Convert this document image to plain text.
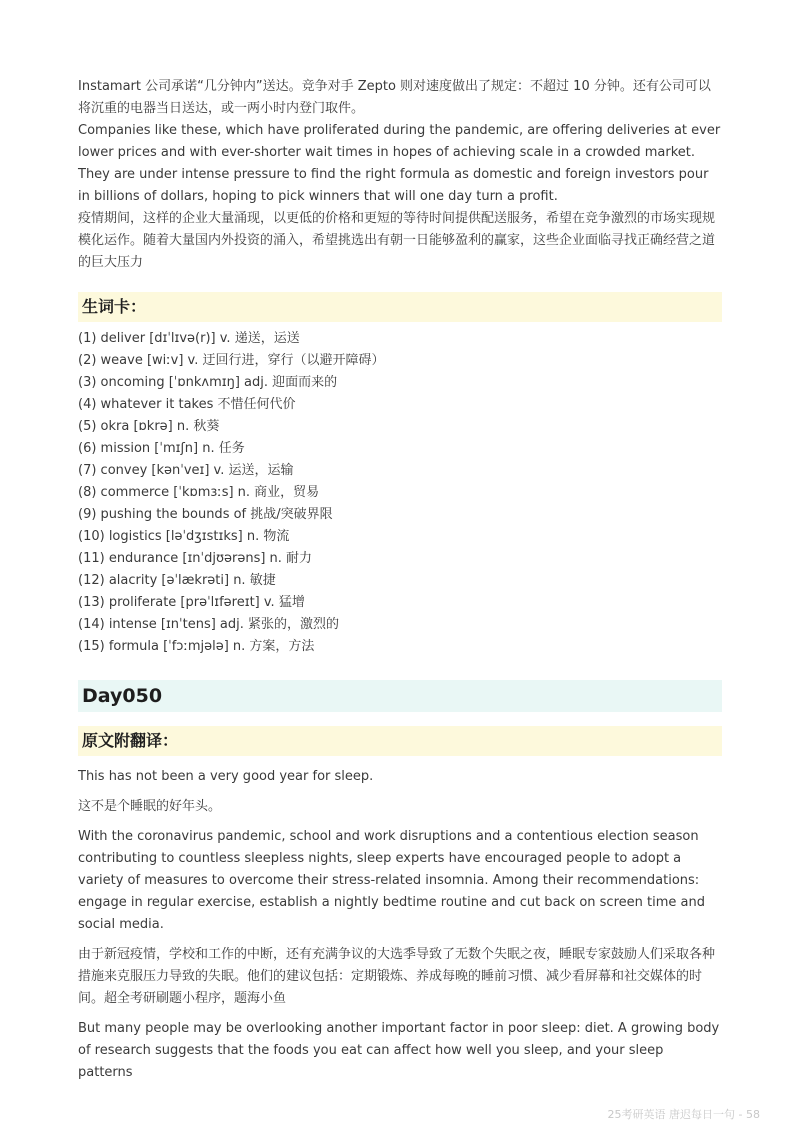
Instamart 公司承诺“几分钟内”送达。竞争对手 Zepto 则对速度做出了规定：不超过 10 分钟。还有公司可以将沉重的电器当日送达，或一两小时内登门取件。

Companies like these, which have proliferated during the pandemic, are offering deliveries at ever lower prices and with ever-shorter wait times in hopes of achieving scale in a crowded market. They are under intense pressure to find the right formula as domestic and foreign investors pour in billions of dollars, hoping to pick winners that will one day turn a profit.

疫情期间，这样的企业大量涌现，以更低的价格和更短的等待时间提供配送服务，希望在竞争激烈的市场实现规模化运作。随着大量国内外投资的涌入，希望挑选出有朝一日能够盈利的赢家，这些企业面临寻找正确经营之道的巨大压力

生词卡：
(1) deliver [dɪˈlɪvə(r)] v. 递送，运送
(2) weave [wiːv] v. 迂回行进，穿行（以避开障碍）
(3) oncoming [ˈɒnkʌmɪŋ] adj. 迎面而来的
(4) whatever it takes 不惜任何代价
(5) okra [ɒkrə] n. 秋葵
(6) mission [ˈmɪʃn] n. 任务
(7) convey [kənˈveɪ] v. 运送，运输
(8) commerce [ˈkɒmɜːs] n. 商业，贸易
(9) pushing the bounds of 挑战/突破界限
(10) logistics [ləˈdʒɪstɪks] n. 物流
(11) endurance [ɪnˈdjʊərəns] n. 耐力
(12) alacrity [əˈlækrəti] n. 敏捷
(13) proliferate [prəˈlɪfəreɪt] v. 猛增
(14) intense [ɪnˈtens] adj. 紧张的，激烈的
(15) formula [ˈfɔːmjələ] n. 方案，方法
Day050
原文附翻译：

This has not been a very good year for sleep.

这不是个睡眠的好年头。

With the coronavirus pandemic, school and work disruptions and a contentious election season contributing to countless sleepless nights, sleep experts have encouraged people to adopt a variety of measures to overcome their stress-related insomnia. Among their recommendations: engage in regular exercise, establish a nightly bedtime routine and cut back on screen time and social media.

由于新冠疫情，学校和工作的中断，还有充满争议的大选季导致了无数个失眠之夜，睡眠专家鼓励人们采取各种措施来克服压力导致的失眠。他们的建议包括：定期锻炼、养成每晚的睡前习惯、减少看屏幕和社交媒体的时间。超全考研刷题小程序，题海小鱼

But many people may be overlooking another important factor in poor sleep: diet. A growing body of research suggests that the foods you eat can affect how well you sleep, and your sleep patterns

25考研英语 唐迟每日一句 - 58
